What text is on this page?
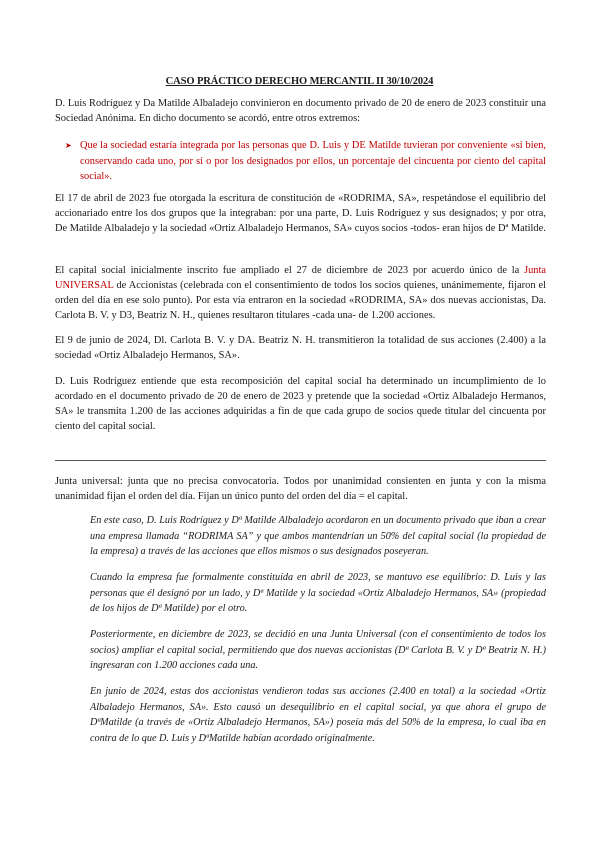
CASO PRÁCTICO DERECHO MERCANTIL II 30/10/2024

D. Luis Rodríguez y Da Matilde Albaladejo convinieron en documento privado de 20 de enero de 2023 constituir una Sociedad Anónima. En dicho documento se acordó, entre otros extremos:

➤ Que la sociedad estaría integrada por las personas que D. Luis y DE Matilde tuvieran por conveniente «si bien, conservando cada uno, por sí o por los designados por ellos, un porcentaje del cincuenta por ciento del capital social».

El 17 de abril de 2023 fue otorgada la escritura de constitución de «RODRIMA, SA», respetándose el equilibrio del accionariado entre los dos grupos que la integraban: por una parte, D. Luis Rodríguez y sus designados; y por otra, De Matilde Albaladejo y la sociedad «Ortiz Albaladejo Hermanos, SA» cuyos socios -todos- eran hijos de Dª Matilde.

El capital social inicialmente inscrito fue ampliado el 27 de diciembre de 2023 por acuerdo único de la Junta UNIVERSAL de Accionistas (celebrada con el consentimiento de todos los socios quienes, unánimemente, fijaron el orden del día en ese solo punto). Por esta vía entraron en la sociedad «RODRIMA, SA» dos nuevas accionistas, Da. Carlota B. V. y D3, Beatriz N. H., quienes resultaron titulares -cada una- de 1.200 acciones.

El 9 de junio de 2024, Dl. Carlota B. V. y DA. Beatriz N. H. transmitieron la totalidad de sus acciones (2.400) a la sociedad «Ortiz Albaladejo Hermanos, SA».

D. Luis Rodríguez entiende que esta recomposición del capital social ha determinado un incumplimiento de lo acordado en el documento privado de 20 de enero de 2023 y pretende que la sociedad «Ortiz Albaladejo Hermanos, SA» le transmita 1.200 de las acciones adquiridas a fin de que cada grupo de socios quede titular del cincuenta por ciento del capital social.

Junta universal: junta que no precisa convocatoria. Todos por unanimidad consienten en junta y con la misma unanimidad fijan el orden del día. Fijan un único punto del orden del día = el capital.

En este caso, D. Luis Rodríguez y Dª Matilde Albaladejo acordaron en un documento privado que iban a crear una empresa llamada “RODRIMA SA” y que ambos mantendrían un 50% del capital social (la propiedad de la empresa) a través de las acciones que ellos mismos o sus designados poseyeran.

Cuando la empresa fue formalmente constituida en abril de 2023, se mantuvo ese equilibrio: D. Luis y las personas que él designó por un lado, y Dª Matilde y la sociedad «Ortiz Albaladejo Hermanos, SA» (propiedad de los hijos de Dª Matilde) por el otro.

Posteriormente, en diciembre de 2023, se decidió en una Junta Universal (con el consentimiento de todos los socios) ampliar el capital social, permitiendo que dos nuevas accionistas (Dª Carlota B. V. y Dª Beatriz N. H.) ingresaran con 1.200 acciones cada una.

En junio de 2024, estas dos accionistas vendieron todas sus acciones (2.400 en total) a la sociedad «Ortiz Albaladejo Hermanos, SA». Esto causó un desequilibrio en el capital social, ya que ahora el grupo de DªMatilde (a través de «Ortiz Albaladejo Hermanos, SA») poseía más del 50% de la empresa, lo cual iba en contra de lo que D. Luis y DªMatilde habían acordado originalmente.
